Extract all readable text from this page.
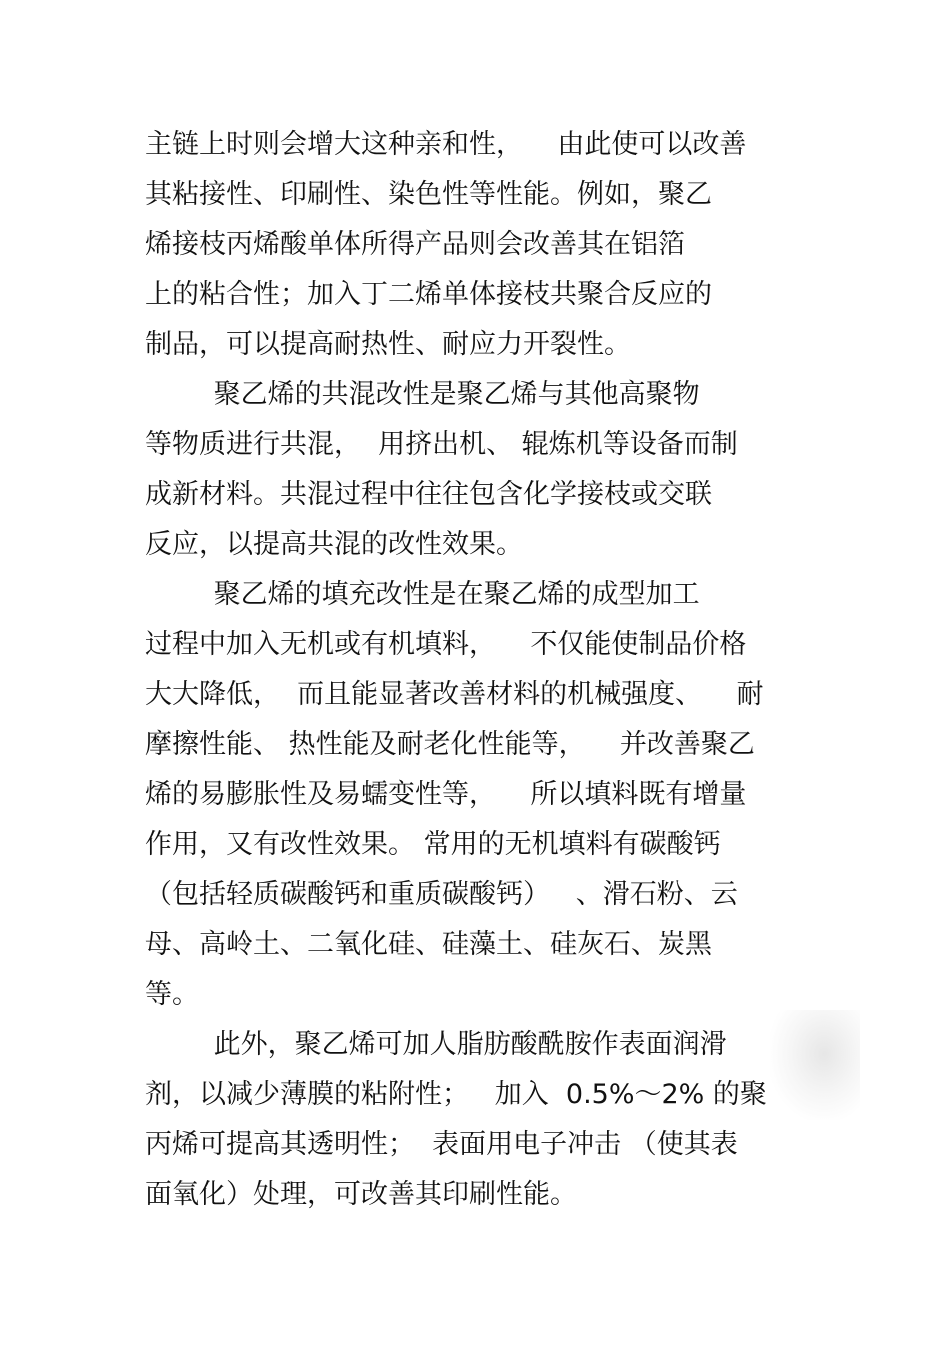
主链上时则会增大这种亲和性，    由此使可以改善
其粘接性、印刷性、染色性等性能。例如，聚乙
烯接枝丙烯酸单体所得产品则会改善其在铝箔
上的粘合性；加入丁二烯单体接枝共聚合反应的
制品，可以提高耐热性、耐应力开裂性。
聚乙烯的共混改性是聚乙烯与其他高聚物
等物质进行共混，  用挤出机、 辊炼机等设备而制
成新材料。共混过程中往往包含化学接枝或交联
反应，以提高共混的改性效果。
聚乙烯的填充改性是在聚乙烯的成型加工
过程中加入无机或有机填料，    不仅能使制品价格
大大降低，  而且能显著改善材料的机械强度、    耐
摩擦性能、 热性能及耐老化性能等，    并改善聚乙
烯的易膨胀性及易蠕变性等，    所以填料既有增量
作用，又有改性效果。 常用的无机填料有碳酸钙
（包括轻质碳酸钙和重质碳酸钙）   、滑石粉、云
母、高岭土、二氧化硅、硅藻土、硅灰石、炭黑
等。
此外，聚乙烯可加人脂肪酸酰胺作表面润滑
剂，以减少薄膜的粘附性；   加入  0.5%～2% 的聚
丙烯可提高其透明性；  表面用电子冲击 （使其表
面氧化）处理，可改善其印刷性能。
